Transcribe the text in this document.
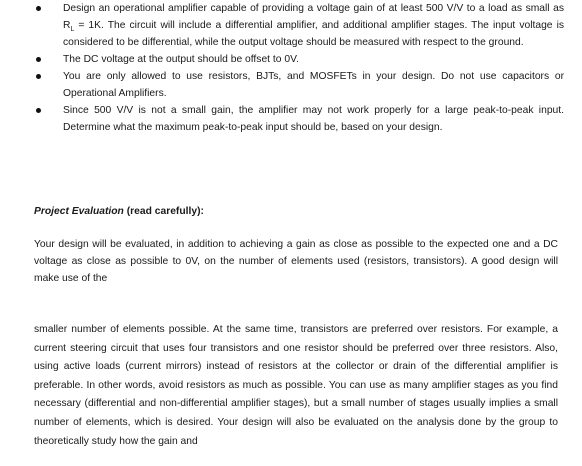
Design an operational amplifier capable of providing a voltage gain of at least 500 V/V to a load as small as $R_L = 1K$. The circuit will include a differential amplifier, and additional amplifier stages. The input voltage is considered to be differential, while the output voltage should be measured with respect to the ground.
The DC voltage at the output should be offset to 0V.
You are only allowed to use resistors, BJTs, and MOSFETs in your design. Do not use capacitors or Operational Amplifiers.
Since 500 V/V is not a small gain, the amplifier may not work properly for a large peak-to-peak input. Determine what the maximum peak-to-peak input should be, based on your design.
Project Evaluation (read carefully):

Your design will be evaluated, in addition to achieving a gain as close as possible to the expected one and a DC voltage as close as possible to 0V, on the number of elements used (resistors, transistors). A good design will make use of the

smaller number of elements possible. At the same time, transistors are preferred over resistors. For example, a current steering circuit that uses four transistors and one resistor should be preferred over three resistors. Also, using active loads (current mirrors) instead of resistors at the collector or drain of the differential amplifier is preferable. In other words, avoid resistors as much as possible. You can use as many amplifier stages as you find necessary (differential and non-differential amplifier stages), but a small number of stages usually implies a small number of elements, which is desired. Your design will also be evaluated on the analysis done by the group to theoretically study how the gain and
